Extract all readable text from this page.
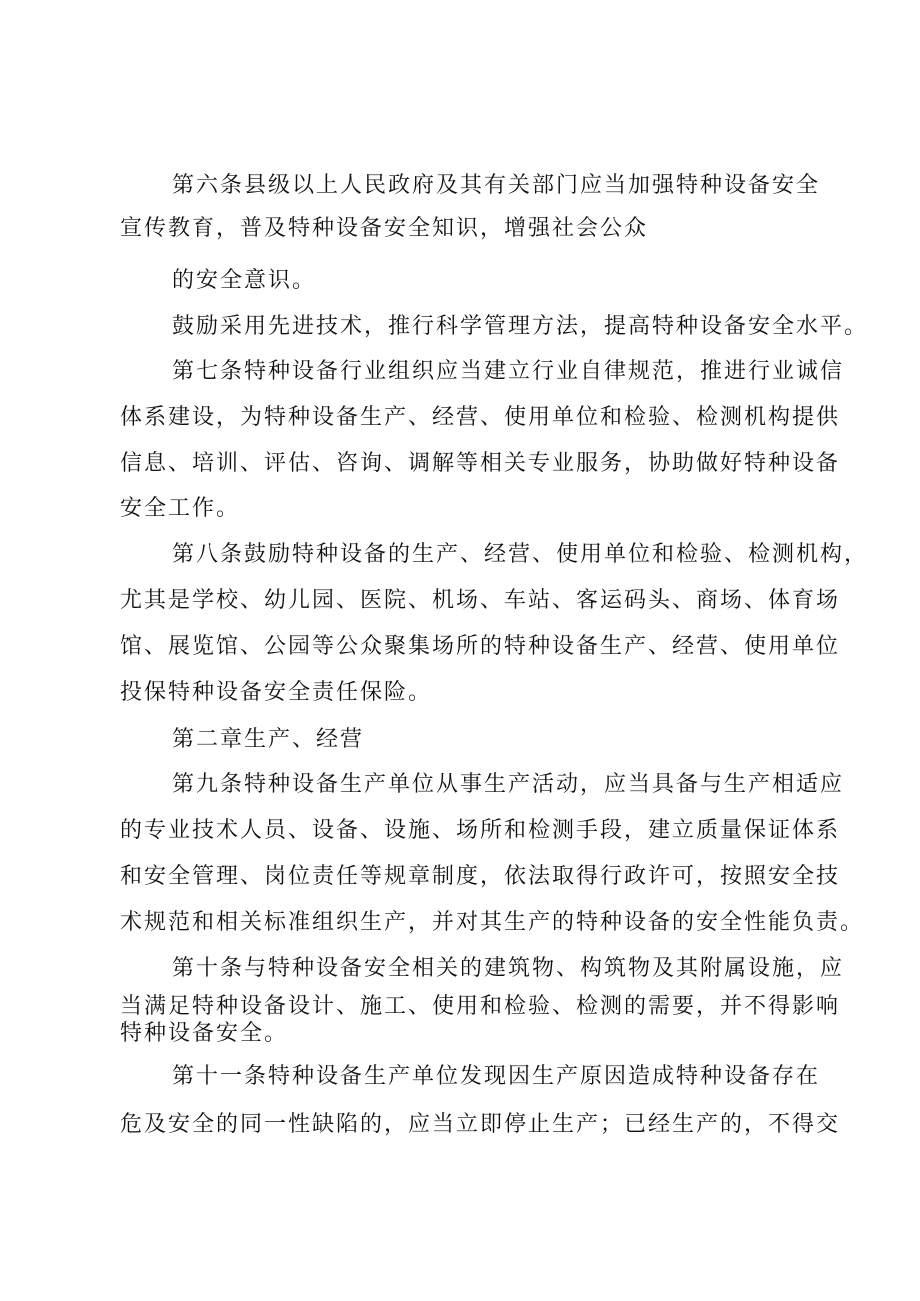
第六条县级以上人民政府及其有关部门应当加强特种设备安全
宣传教育，普及特种设备安全知识，增强社会公众
的安全意识。
鼓励采用先进技术，推行科学管理方法，提高特种设备安全水平。
第七条特种设备行业组织应当建立行业自律规范，推进行业诚信
体系建设，为特种设备生产、经营、使用单位和检验、检测机构提供
信息、培训、评估、咨询、调解等相关专业服务，协助做好特种设备
安全工作。
第八条鼓励特种设备的生产、经营、使用单位和检验、检测机构，
尤其是学校、幼儿园、医院、机场、车站、客运码头、商场、体育场
馆、展览馆、公园等公众聚集场所的特种设备生产、经营、使用单位
投保特种设备安全责任保险。
第二章生产、经营
第九条特种设备生产单位从事生产活动，应当具备与生产相适应
的专业技术人员、设备、设施、场所和检测手段，建立质量保证体系
和安全管理、岗位责任等规章制度，依法取得行政许可，按照安全技
术规范和相关标准组织生产，并对其生产的特种设备的安全性能负责。
第十条与特种设备安全相关的建筑物、构筑物及其附属设施，应
当满足特种设备设计、施工、使用和检验、检测的需要，并不得影响
特种设备安全。
第十一条特种设备生产单位发现因生产原因造成特种设备存在
危及安全的同一性缺陷的，应当立即停止生产；已经生产的，不得交
